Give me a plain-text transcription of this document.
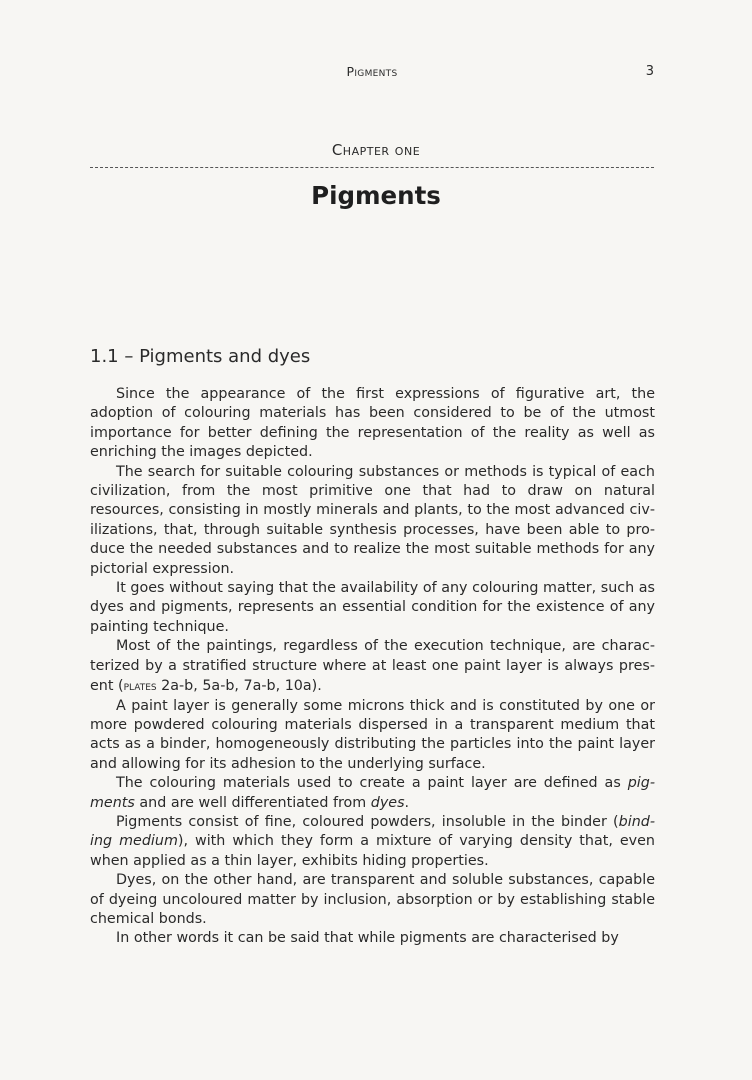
Pigments	3
Chapter one
Pigments
1.1 – Pigments and dyes

Since the appearance of the first expressions of figurative art, the adoption of colouring materials has been considered to be of the utmost importance for better defining the representation of the reality as well as enriching the images depicted.

The search for suitable colouring substances or methods is typical of each civilization, from the most primitive one that had to draw on natural resources, consisting in mostly minerals and plants, to the most advanced civilizations, that, through suitable synthesis processes, have been able to produce the needed substances and to realize the most suitable methods for any pictorial expression.

It goes without saying that the availability of any colouring matter, such as dyes and pigments, represents an essential condition for the existence of any painting technique.

Most of the paintings, regardless of the execution technique, are characterized by a stratified structure where at least one paint layer is always present (plates 2a-b, 5a-b, 7a-b, 10a).

A paint layer is generally some microns thick and is constituted by one or more powdered colouring materials dispersed in a transparent medium that acts as a binder, homogeneously distributing the particles into the paint layer and allowing for its adhesion to the underlying surface.

The colouring materials used to create a paint layer are defined as pigments and are well differentiated from dyes.

Pigments consist of fine, coloured powders, insoluble in the binder (binding medium), with which they form a mixture of varying density that, even when applied as a thin layer, exhibits hiding properties.

Dyes, on the other hand, are transparent and soluble substances, capable of dyeing uncoloured matter by inclusion, absorption or by establishing stable chemical bonds.

In other words it can be said that while pigments are characterised by
